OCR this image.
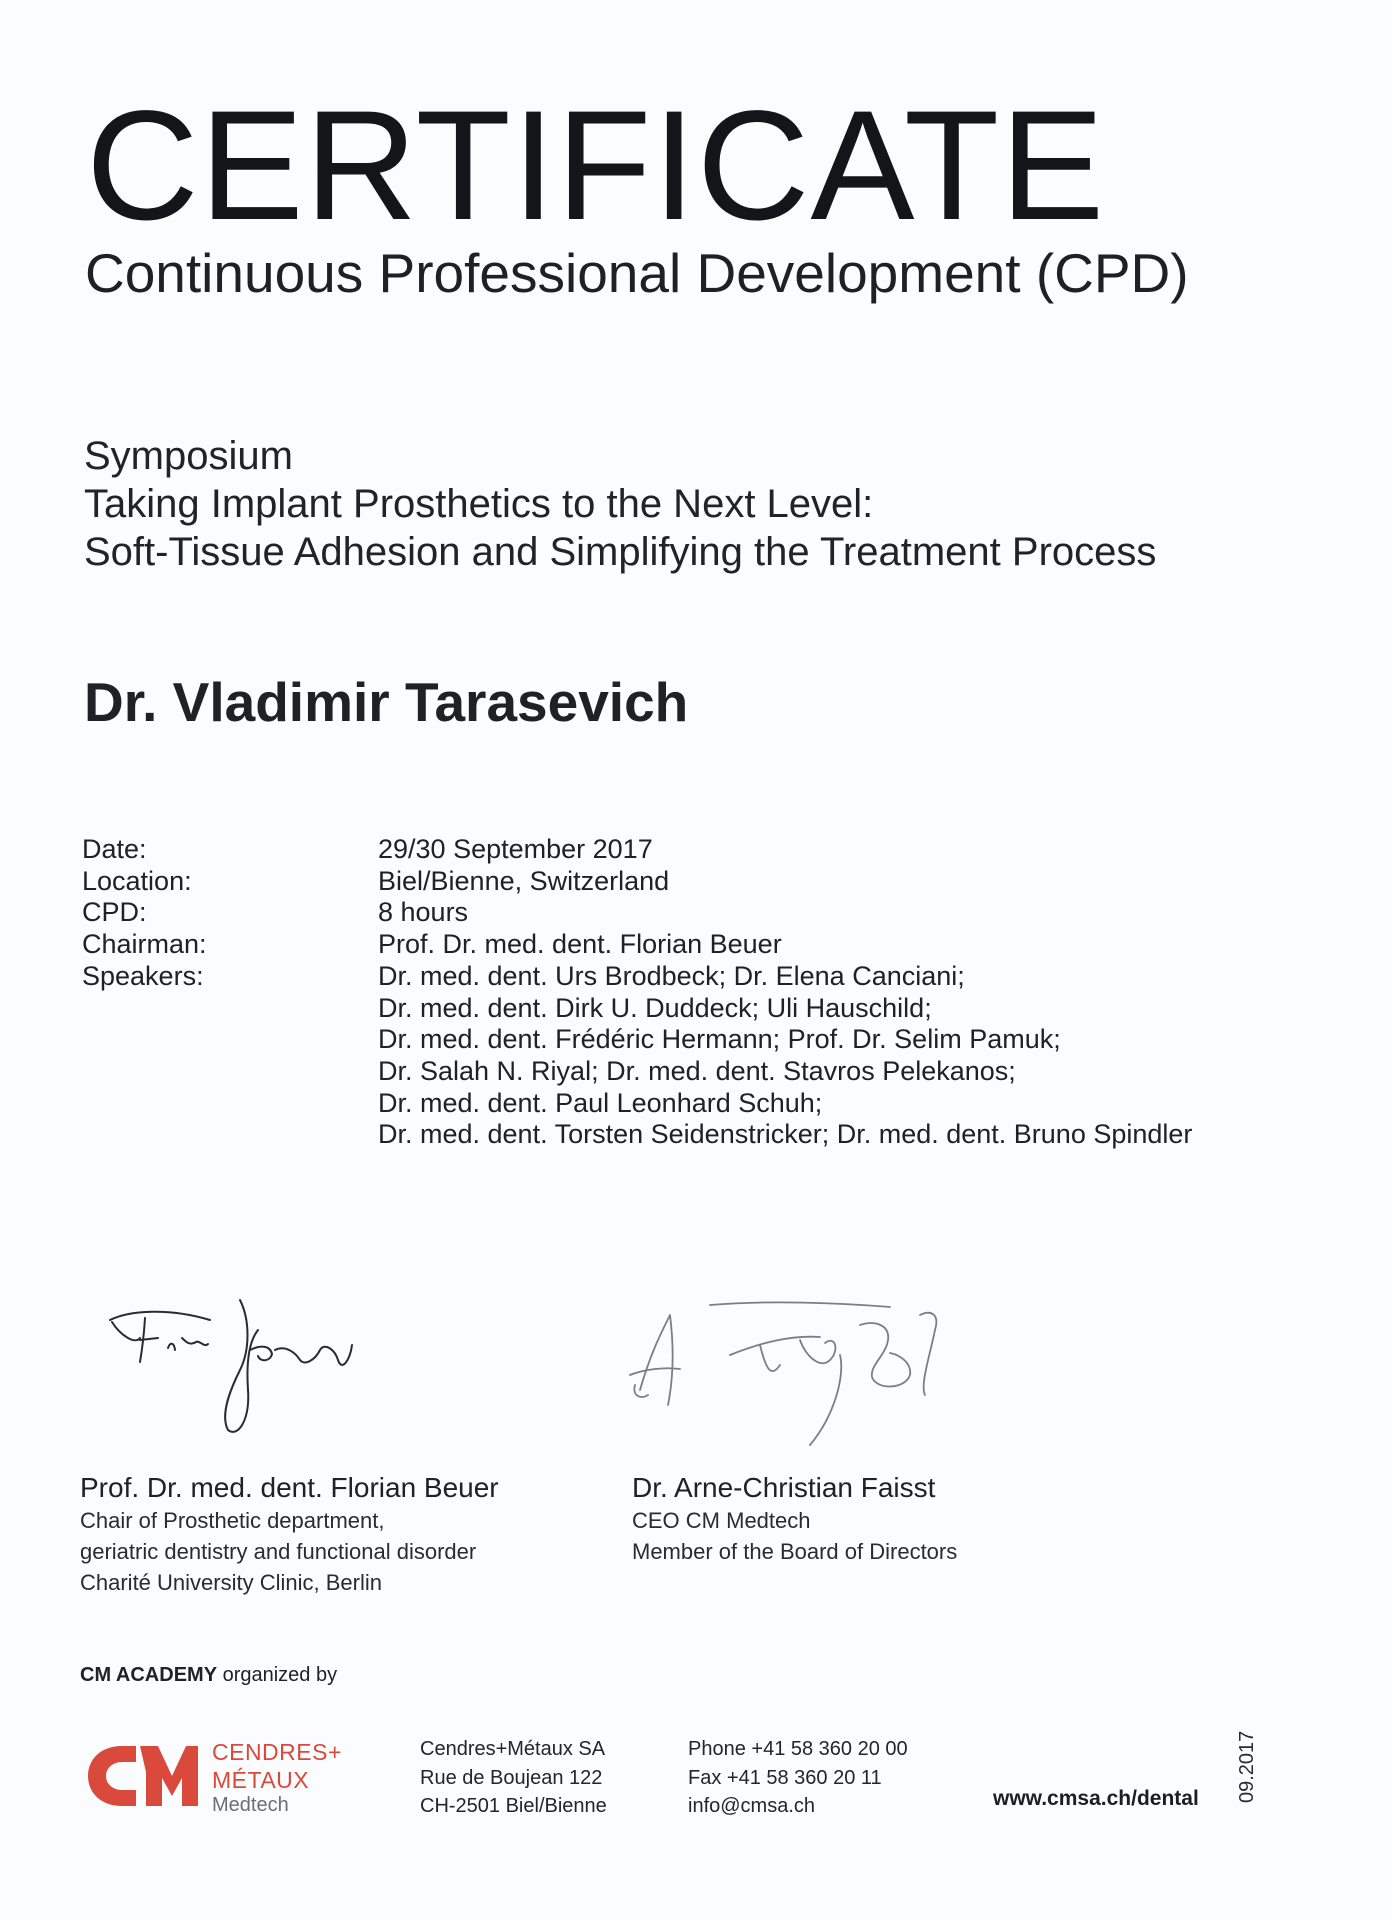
CERTIFICATE
Continuous Professional Development (CPD)
Symposium
Taking Implant Prosthetics to the Next Level:
Soft-Tissue Adhesion and Simplifying the Treatment Process
Dr. Vladimir Tarasevich
Date:	29/30 September 2017
Location:	Biel/Bienne, Switzerland
CPD:	8 hours
Chairman:	Prof. Dr. med. dent. Florian Beuer
Speakers:	Dr. med. dent. Urs Brodbeck; Dr. Elena Canciani;
Dr. med. dent. Dirk U. Duddeck; Uli Hauschild;
Dr. med. dent. Frédéric Hermann; Prof. Dr. Selim Pamuk;
Dr. Salah N. Riyal; Dr. med. dent. Stavros Pelekanos;
Dr. med. dent. Paul Leonhard Schuh;
Dr. med. dent. Torsten Seidenstricker; Dr. med. dent. Bruno Spindler
Prof. Dr. med. dent. Florian Beuer
Chair of Prosthetic department,
geriatric dentistry and functional disorder
Charité University Clinic, Berlin
Dr. Arne-Christian Faisst
CEO CM Medtech
Member of the Board of Directors
CM ACADEMY organized by
CENDRES+
MÉTAUX
Medtech
Cendres+Métaux SA
Rue de Boujean 122
CH-2501 Biel/Bienne
Phone +41 58 360 20 00
Fax +41 58 360 20 11
info@cmsa.ch	www.cmsa.ch/dental 09.2017
